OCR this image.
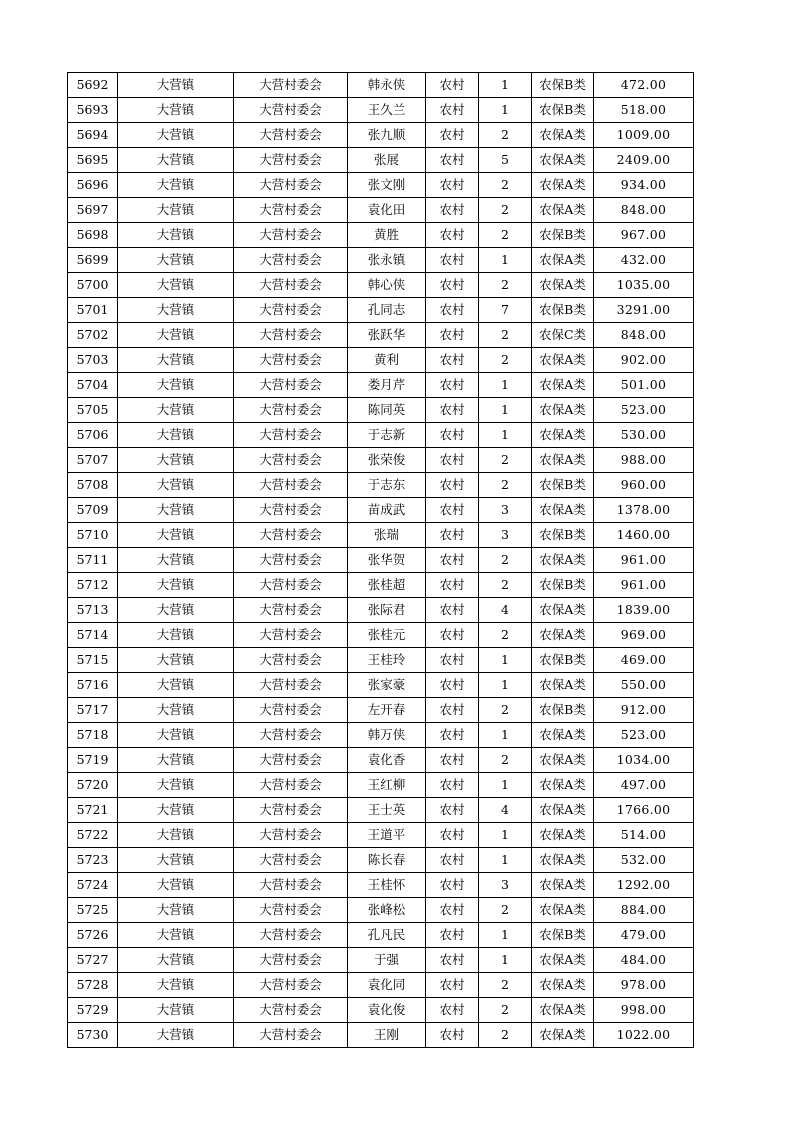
5692	大营镇	大营村委会	韩永侠	农村	1	农保B类	472.00
5693	大营镇	大营村委会	王久兰	农村	1	农保B类	518.00
5694	大营镇	大营村委会	张九顺	农村	2	农保A类	1009.00
5695	大营镇	大营村委会	张展	农村	5	农保A类	2409.00
5696	大营镇	大营村委会	张文刚	农村	2	农保A类	934.00
5697	大营镇	大营村委会	袁化田	农村	2	农保A类	848.00
5698	大营镇	大营村委会	黄胜	农村	2	农保B类	967.00
5699	大营镇	大营村委会	张永镇	农村	1	农保A类	432.00
5700	大营镇	大营村委会	韩心侠	农村	2	农保A类	1035.00
5701	大营镇	大营村委会	孔同志	农村	7	农保B类	3291.00
5702	大营镇	大营村委会	张跃华	农村	2	农保C类	848.00
5703	大营镇	大营村委会	黄利	农村	2	农保A类	902.00
5704	大营镇	大营村委会	娄月芹	农村	1	农保A类	501.00
5705	大营镇	大营村委会	陈同英	农村	1	农保A类	523.00
5706	大营镇	大营村委会	于志新	农村	1	农保A类	530.00
5707	大营镇	大营村委会	张荣俊	农村	2	农保A类	988.00
5708	大营镇	大营村委会	于志东	农村	2	农保B类	960.00
5709	大营镇	大营村委会	苗成武	农村	3	农保A类	1378.00
5710	大营镇	大营村委会	张瑞	农村	3	农保B类	1460.00
5711	大营镇	大营村委会	张华贺	农村	2	农保A类	961.00
5712	大营镇	大营村委会	张桂超	农村	2	农保B类	961.00
5713	大营镇	大营村委会	张际君	农村	4	农保A类	1839.00
5714	大营镇	大营村委会	张桂元	农村	2	农保A类	969.00
5715	大营镇	大营村委会	王桂玲	农村	1	农保B类	469.00
5716	大营镇	大营村委会	张家豪	农村	1	农保A类	550.00
5717	大营镇	大营村委会	左开春	农村	2	农保B类	912.00
5718	大营镇	大营村委会	韩万侠	农村	1	农保A类	523.00
5719	大营镇	大营村委会	袁化香	农村	2	农保A类	1034.00
5720	大营镇	大营村委会	王红柳	农村	1	农保A类	497.00
5721	大营镇	大营村委会	王士英	农村	4	农保A类	1766.00
5722	大营镇	大营村委会	王道平	农村	1	农保A类	514.00
5723	大营镇	大营村委会	陈长春	农村	1	农保A类	532.00
5724	大营镇	大营村委会	王桂怀	农村	3	农保A类	1292.00
5725	大营镇	大营村委会	张峰松	农村	2	农保A类	884.00
5726	大营镇	大营村委会	孔凡民	农村	1	农保B类	479.00
5727	大营镇	大营村委会	于强	农村	1	农保A类	484.00
5728	大营镇	大营村委会	袁化同	农村	2	农保A类	978.00
5729	大营镇	大营村委会	袁化俊	农村	2	农保A类	998.00
5730	大营镇	大营村委会	王刚	农村	2	农保A类	1022.00
